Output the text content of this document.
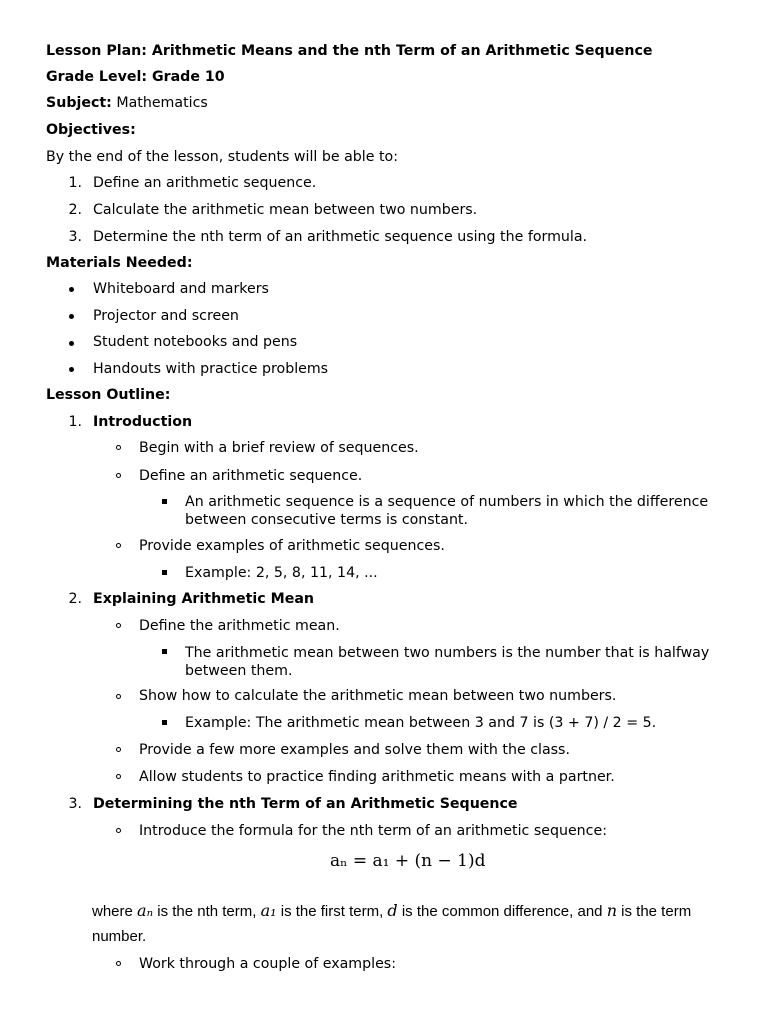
Lesson Plan: Arithmetic Means and the nth Term of an Arithmetic Sequence
Grade Level: Grade 10
Subject: Mathematics
Objectives:
By the end of the lesson, students will be able to:
1. Define an arithmetic sequence.
2. Calculate the arithmetic mean between two numbers.
3. Determine the nth term of an arithmetic sequence using the formula.
Materials Needed:
Whiteboard and markers
Projector and screen
Student notebooks and pens
Handouts with practice problems
Lesson Outline:
1. Introduction
Begin with a brief review of sequences.
Define an arithmetic sequence.
An arithmetic sequence is a sequence of numbers in which the difference between consecutive terms is constant.
Provide examples of arithmetic sequences.
Example: 2, 5, 8, 11, 14, ...
2. Explaining Arithmetic Mean
Define the arithmetic mean.
The arithmetic mean between two numbers is the number that is halfway between them.
Show how to calculate the arithmetic mean between two numbers.
Example: The arithmetic mean between 3 and 7 is (3 + 7) / 2 = 5.
Provide a few more examples and solve them with the class.
Allow students to practice finding arithmetic means with a partner.
3. Determining the nth Term of an Arithmetic Sequence
Introduce the formula for the nth term of an arithmetic sequence:
aₙ = a₁ + (n − 1)d
where aₙ is the nth term, a₁ is the first term, d is the common difference, and n is the term
number.
Work through a couple of examples:
